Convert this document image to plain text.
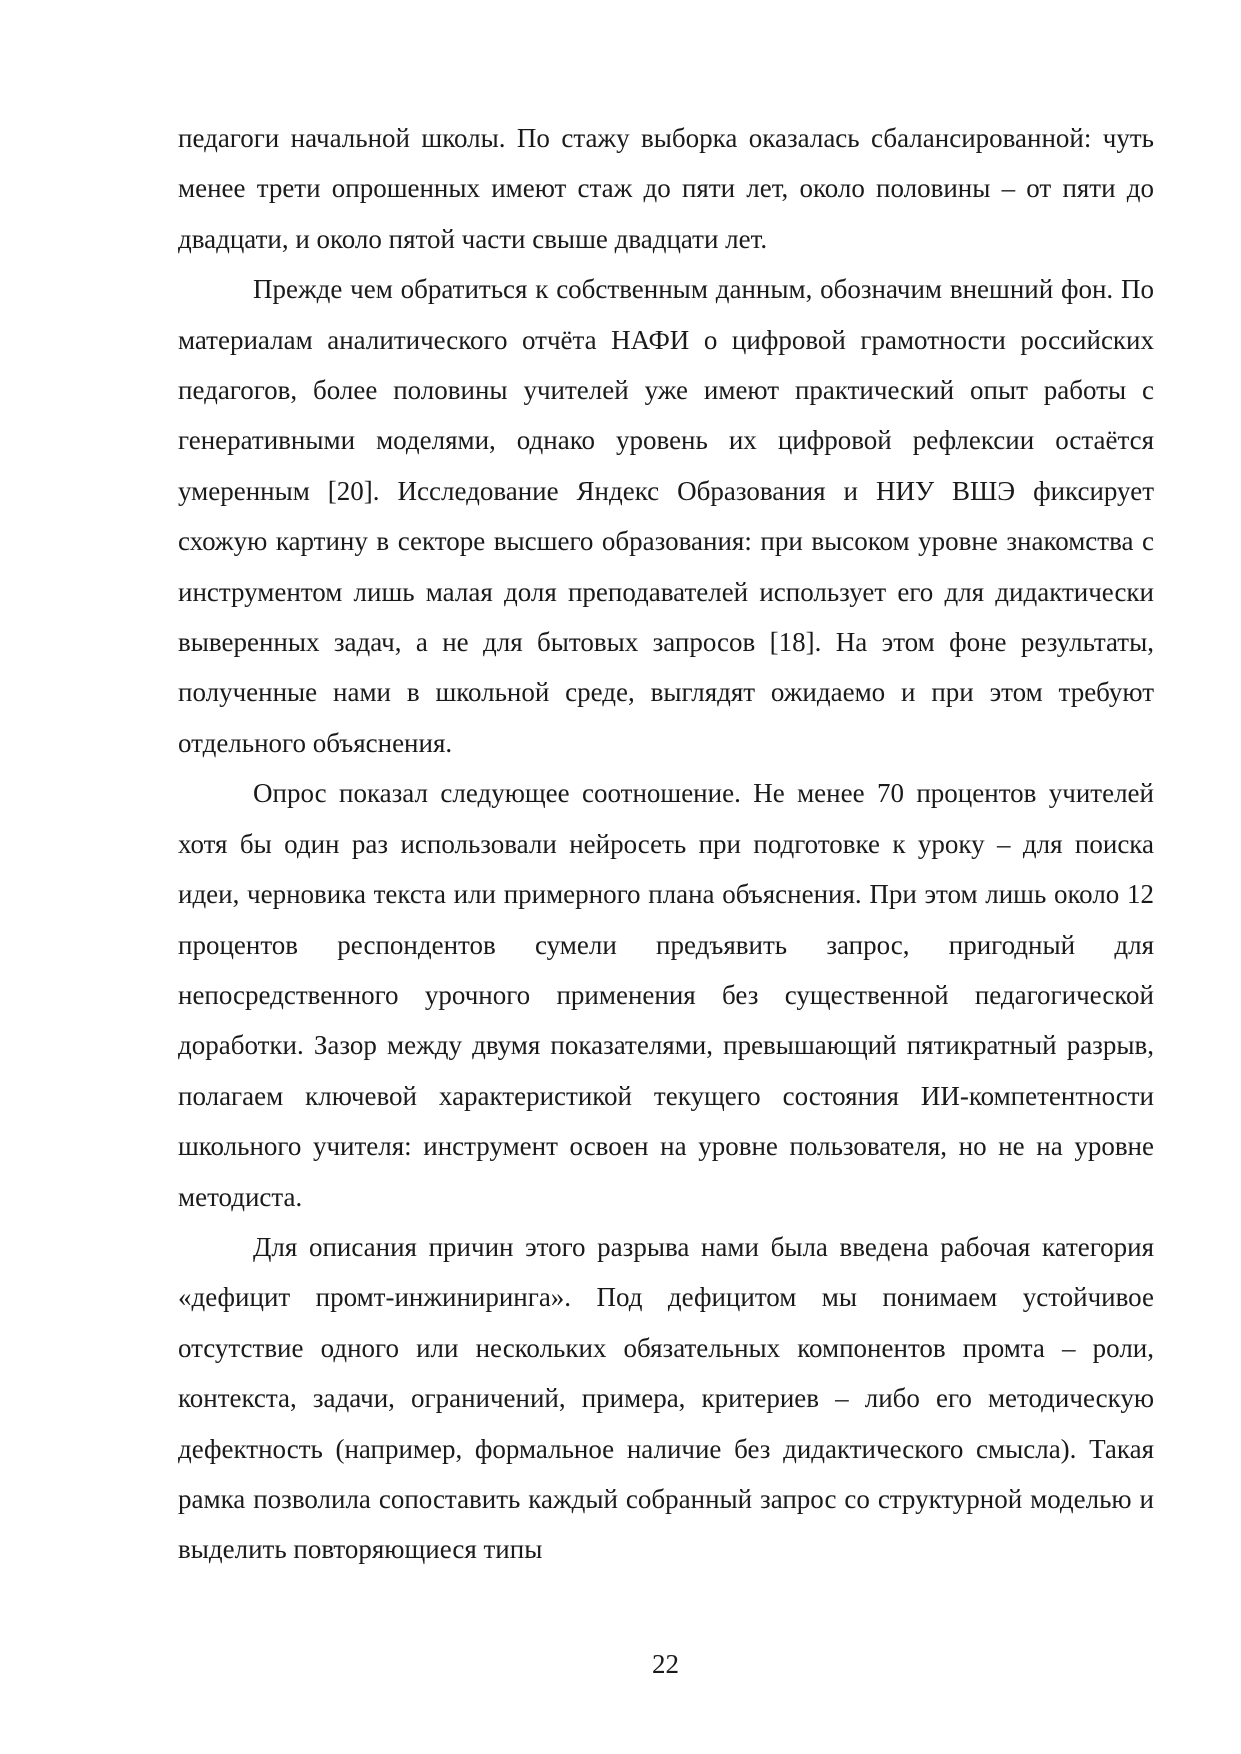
педагоги начальной школы. По стажу выборка оказалась сбалансированной: чуть менее трети опрошенных имеют стаж до пяти лет, около половины – от пяти до двадцати, и около пятой части свыше двадцати лет.

Прежде чем обратиться к собственным данным, обозначим внешний фон. По материалам аналитического отчёта НАФИ о цифровой грамотности российских педагогов, более половины учителей уже имеют практический опыт работы с генеративными моделями, однако уровень их цифровой рефлексии остаётся умеренным [20]. Исследование Яндекс Образования и НИУ ВШЭ фиксирует схожую картину в секторе высшего образования: при высоком уровне знакомства с инструментом лишь малая доля преподавателей использует его для дидактически выверенных задач, а не для бытовых запросов [18]. На этом фоне результаты, полученные нами в школьной среде, выглядят ожидаемо и при этом требуют отдельного объяснения.

Опрос показал следующее соотношение. Не менее 70 процентов учителей хотя бы один раз использовали нейросеть при подготовке к уроку – для поиска идеи, черновика текста или примерного плана объяснения. При этом лишь около 12 процентов респондентов сумели предъявить запрос, пригодный для непосредственного урочного применения без существенной педагогической доработки. Зазор между двумя показателями, превышающий пятикратный разрыв, полагаем ключевой характеристикой текущего состояния ИИ-компетентности школьного учителя: инструмент освоен на уровне пользователя, но не на уровне методиста.

Для описания причин этого разрыва нами была введена рабочая категория «дефицит промт-инжиниринга». Под дефицитом мы понимаем устойчивое отсутствие одного или нескольких обязательных компонентов промта – роли, контекста, задачи, ограничений, примера, критериев – либо его методическую дефектность (например, формальное наличие без дидактического смысла). Такая рамка позволила сопоставить каждый собранный запрос со структурной моделью и выделить повторяющиеся типы

22
